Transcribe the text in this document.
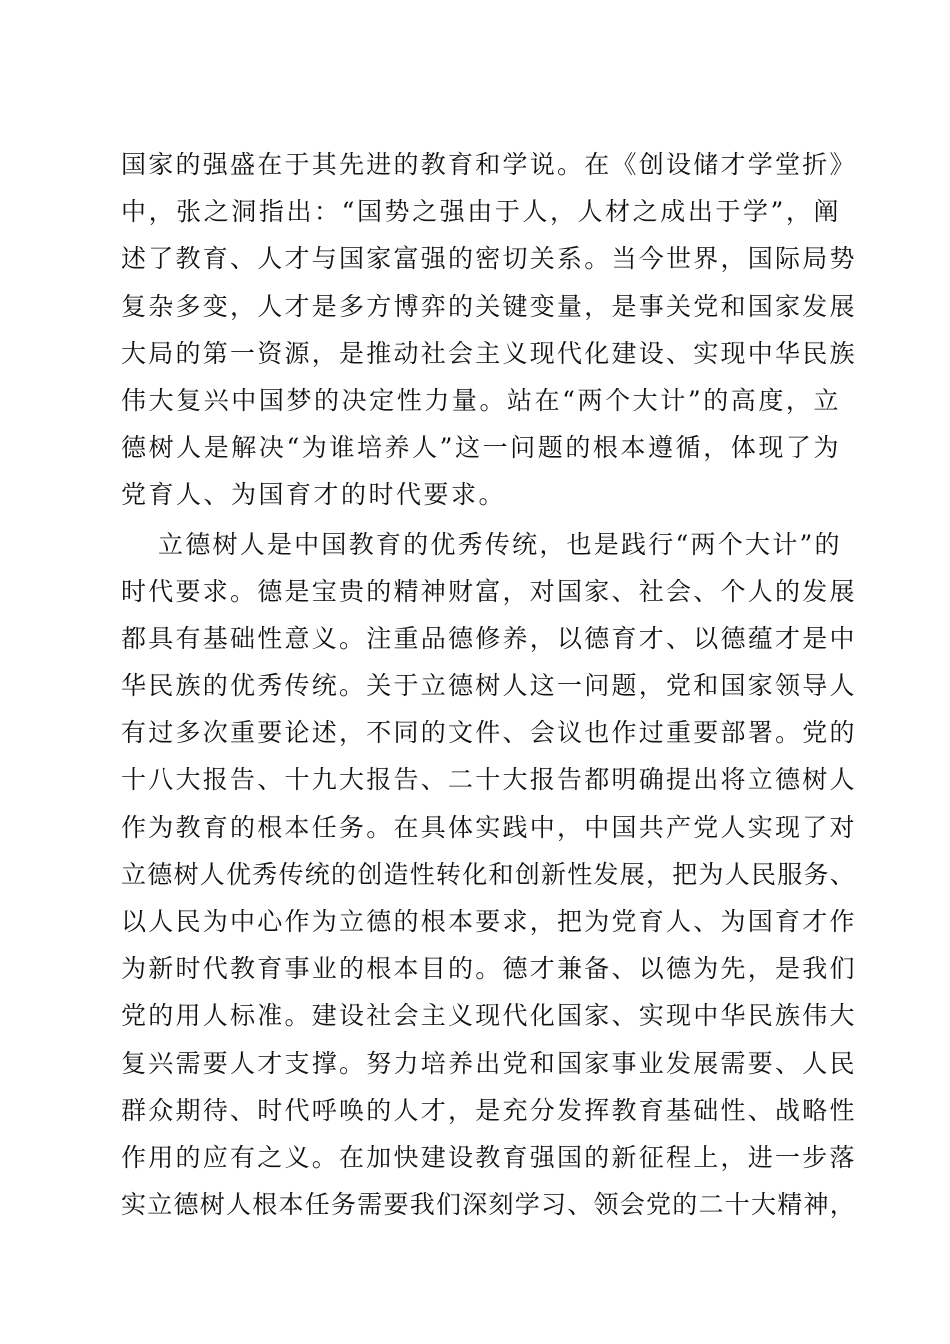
国家的强盛在于其先进的教育和学说。在《创设储才学堂折》
中，张之洞指出：“国势之强由于人，人材之成出于学”，阐
述了教育、人才与国家富强的密切关系。当今世界，国际局势
复杂多变，人才是多方博弈的关键变量，是事关党和国家发展
大局的第一资源，是推动社会主义现代化建设、实现中华民族
伟大复兴中国梦的决定性力量。站在“两个大计”的高度，立
德树人是解决“为谁培养人”这一问题的根本遵循，体现了为
党育人、为国育才的时代要求。
立德树人是中国教育的优秀传统，也是践行“两个大计”的
时代要求。德是宝贵的精神财富，对国家、社会、个人的发展
都具有基础性意义。注重品德修养，以德育才、以德蕴才是中
华民族的优秀传统。关于立德树人这一问题，党和国家领导人
有过多次重要论述，不同的文件、会议也作过重要部署。党的
十八大报告、十九大报告、二十大报告都明确提出将立德树人
作为教育的根本任务。在具体实践中，中国共产党人实现了对
立德树人优秀传统的创造性转化和创新性发展，把为人民服务、
以人民为中心作为立德的根本要求，把为党育人、为国育才作
为新时代教育事业的根本目的。德才兼备、以德为先，是我们
党的用人标准。建设社会主义现代化国家、实现中华民族伟大
复兴需要人才支撑。努力培养出党和国家事业发展需要、人民
群众期待、时代呼唤的人才，是充分发挥教育基础性、战略性
作用的应有之义。在加快建设教育强国的新征程上，进一步落
实立德树人根本任务需要我们深刻学习、领会党的二十大精神，
